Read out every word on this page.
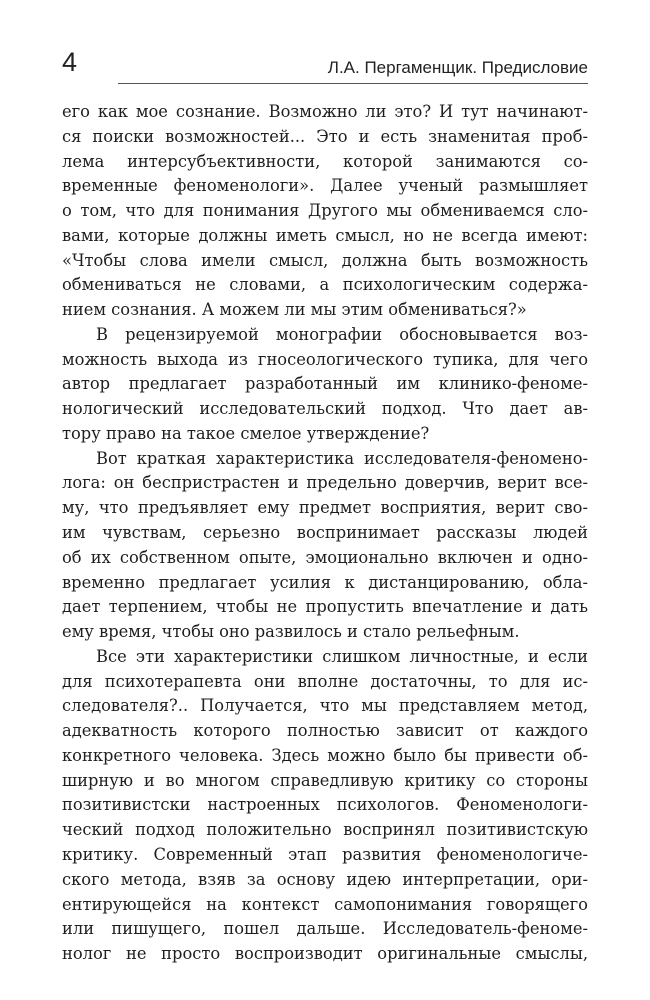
4	Л.А. Пергаменщик. Предисловие
его как мое сознание. Возможно ли это? И тут начинают-
ся поиски возможностей... Это и есть знаменитая проб-
лема интерсубъективности, которой занимаются со-
временные феноменологи». Далее ученый размышляет
о том, что для понимания Другого мы обмениваемся сло-
вами, которые должны иметь смысл, но не всегда имеют:
«Чтобы слова имели смысл, должна быть возможность
обмениваться не словами, а психологическим содержа-
нием сознания. А можем ли мы этим обмениваться?»
В рецензируемой монографии обосновывается воз-
можность выхода из гносеологического тупика, для чего
автор предлагает разработанный им клинико-феноме-
нологический исследовательский подход. Что дает ав-
тору право на такое смелое утверждение?
Вот краткая характеристика исследователя-феномено-
лога: он беспристрастен и предельно доверчив, верит все-
му, что предъявляет ему предмет восприятия, верит сво-
им чувствам, серьезно воспринимает рассказы людей
об их собственном опыте, эмоционально включен и одно-
временно предлагает усилия к дистанцированию, обла-
дает терпением, чтобы не пропустить впечатление и дать
ему время, чтобы оно развилось и стало рельефным.
Все эти характеристики слишком личностные, и если
для психотерапевта они вполне достаточны, то для ис-
следователя?.. Получается, что мы представляем метод,
адекватность которого полностью зависит от каждого
конкретного человека. Здесь можно было бы привести об-
ширную и во многом справедливую критику со стороны
позитивистски настроенных психологов. Феноменологи-
ческий подход положительно воспринял позитивистскую
критику. Современный этап развития феноменологиче-
ского метода, взяв за основу идею интерпретации, ори-
ентирующейся на контекст самопонимания говорящего
или пишущего, пошел дальше. Исследователь-феноме-
нолог не просто воспроизводит оригинальные смыслы,
